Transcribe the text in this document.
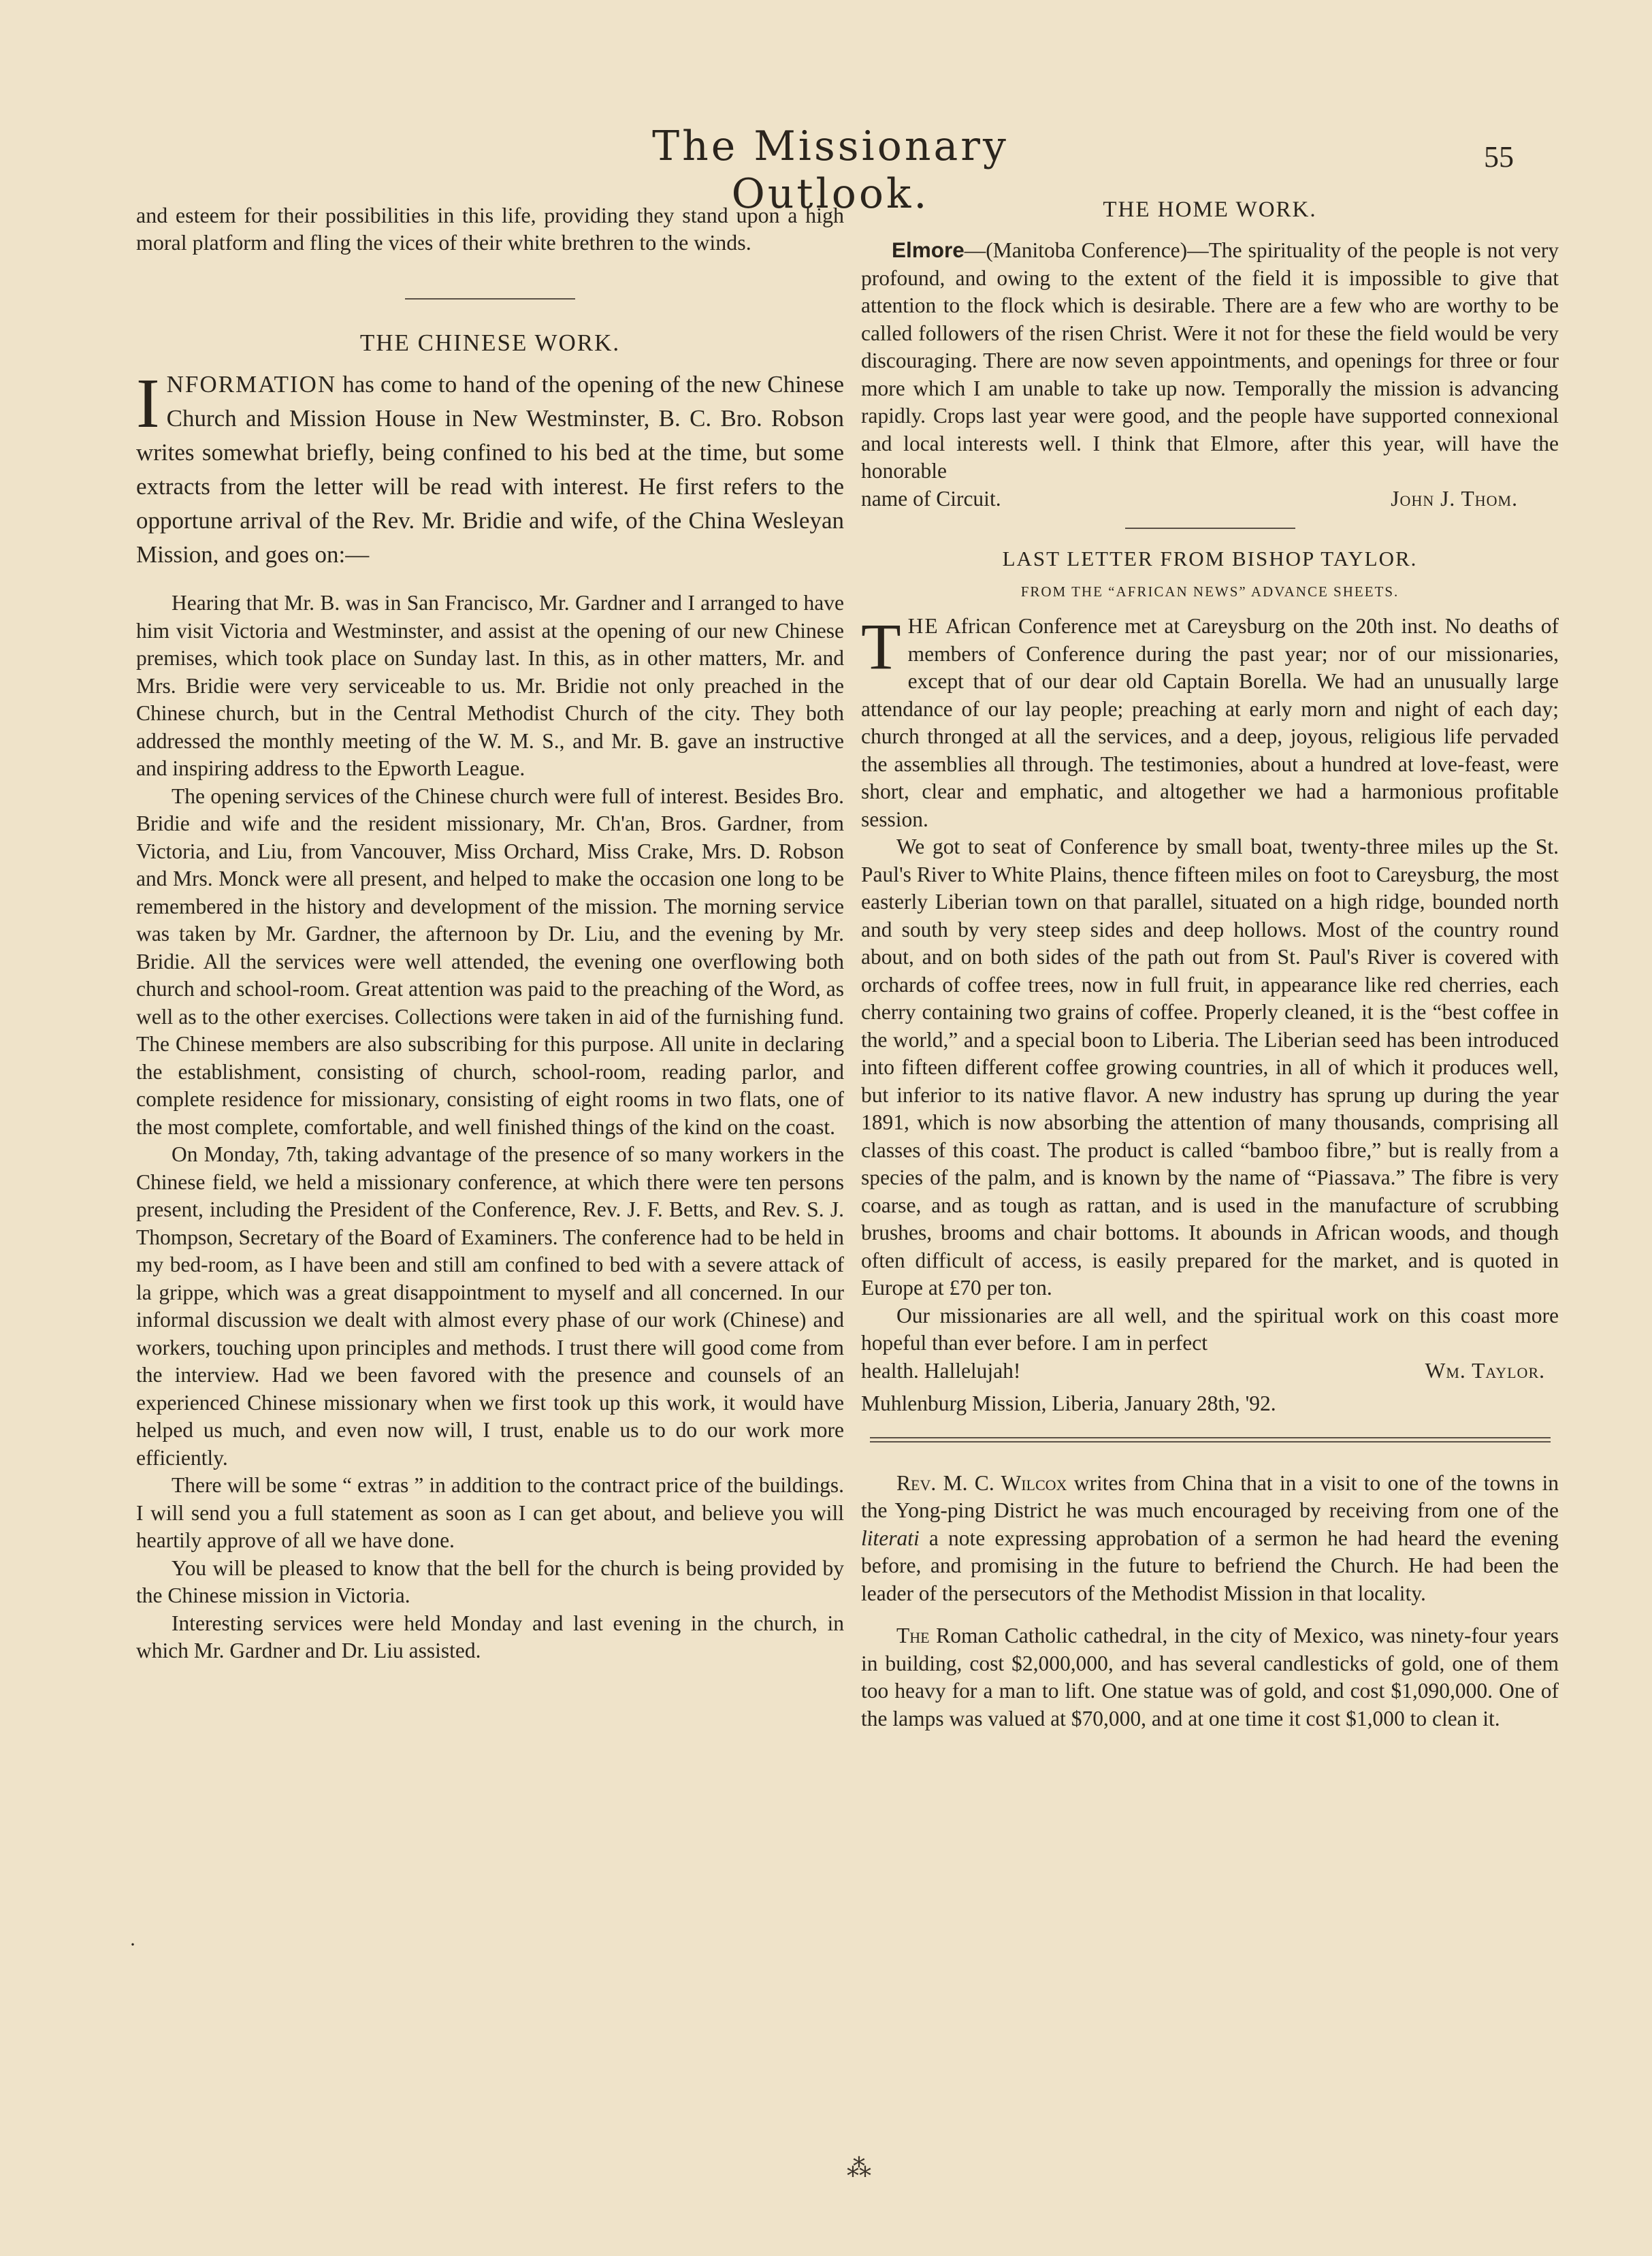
The Missionary Outlook.
55

and esteem for their possibilities in this life, providing they stand upon a high moral platform and fling the vices of their white brethren to the winds.

THE CHINESE WORK.

INFORMATION has come to hand of the opening of the new Chinese Church and Mission House in New Westminster, B. C. Bro. Robson writes somewhat briefly, being confined to his bed at the time, but some extracts from the letter will be read with interest. He first refers to the opportune arrival of the Rev. Mr. Bridie and wife, of the China Wesleyan Mission, and goes on:—

Hearing that Mr. B. was in San Francisco, Mr. Gardner and I arranged to have him visit Victoria and Westminster, and assist at the opening of our new Chinese premises, which took place on Sunday last. In this, as in other matters, Mr. and Mrs. Bridie were very serviceable to us. Mr. Bridie not only preached in the Chinese church, but in the Central Methodist Church of the city. They both addressed the monthly meeting of the W. M. S., and Mr. B. gave an instructive and inspiring address to the Epworth League.

The opening services of the Chinese church were full of interest. Besides Bro. Bridie and wife and the resident missionary, Mr. Ch'an, Bros. Gardner, from Victoria, and Liu, from Vancouver, Miss Orchard, Miss Crake, Mrs. D. Robson and Mrs. Monck were all present, and helped to make the occasion one long to be remembered in the history and development of the mission. The morning service was taken by Mr. Gardner, the afternoon by Dr. Liu, and the evening by Mr. Bridie. All the services were well attended, the evening one overflowing both church and school-room. Great attention was paid to the preaching of the Word, as well as to the other exercises. Collections were taken in aid of the furnishing fund. The Chinese members are also subscribing for this purpose. All unite in declaring the establishment, consisting of church, school-room, reading parlor, and complete residence for missionary, consisting of eight rooms in two flats, one of the most complete, comfortable, and well finished things of the kind on the coast.

On Monday, 7th, taking advantage of the presence of so many workers in the Chinese field, we held a missionary conference, at which there were ten persons present, including the President of the Conference, Rev. J. F. Betts, and Rev. S. J. Thompson, Secretary of the Board of Examiners. The conference had to be held in my bed-room, as I have been and still am confined to bed with a severe attack of la grippe, which was a great disappointment to myself and all concerned. In our informal discussion we dealt with almost every phase of our work (Chinese) and workers, touching upon principles and methods. I trust there will good come from the interview. Had we been favored with the presence and counsels of an experienced Chinese missionary when we first took up this work, it would have helped us much, and even now will, I trust, enable us to do our work more efficiently.

There will be some “ extras ” in addition to the contract price of the buildings. I will send you a full statement as soon as I can get about, and believe you will heartily approve of all we have done.

You will be pleased to know that the bell for the church is being provided by the Chinese mission in Victoria.

Interesting services were held Monday and last evening in the church, in which Mr. Gardner and Dr. Liu assisted.

·
THE HOME WORK.

Elmore—(Manitoba Conference)—The spirituality of the people is not very profound, and owing to the extent of the field it is impossible to give that attention to the flock which is desirable. There are a few who are worthy to be called followers of the risen Christ. Were it not for these the field would be very discouraging. There are now seven appointments, and openings for three or four more which I am unable to take up now. Temporally the mission is advancing rapidly. Crops last year were good, and the people have supported connexional and local interests well. I think that Elmore, after this year, will have the honorable

name of Circuit.	John J. Thom.
LAST LETTER FROM BISHOP TAYLOR.

FROM THE “AFRICAN NEWS” ADVANCE SHEETS.

THE African Conference met at Careysburg on the 20th inst. No deaths of members of Conference during the past year; nor of our missionaries, except that of our dear old Captain Borella. We had an unusually large attendance of our lay people; preaching at early morn and night of each day; church thronged at all the services, and a deep, joyous, religious life pervaded the assemblies all through. The testimonies, about a hundred at love-feast, were short, clear and emphatic, and altogether we had a harmonious profitable session.

We got to seat of Conference by small boat, twenty-three miles up the St. Paul's River to White Plains, thence fifteen miles on foot to Careysburg, the most easterly Liberian town on that parallel, situated on a high ridge, bounded north and south by very steep sides and deep hollows. Most of the country round about, and on both sides of the path out from St. Paul's River is covered with orchards of coffee trees, now in full fruit, in appearance like red cherries, each cherry containing two grains of coffee. Properly cleaned, it is the “best coffee in the world,” and a special boon to Liberia. The Liberian seed has been introduced into fifteen different coffee growing countries, in all of which it produces well, but inferior to its native flavor. A new industry has sprung up during the year 1891, which is now absorbing the attention of many thousands, comprising all classes of this coast. The product is called “bamboo fibre,” but is really from a species of the palm, and is known by the name of “Piassava.” The fibre is very coarse, and as tough as rattan, and is used in the manufacture of scrubbing brushes, brooms and chair bottoms. It abounds in African woods, and though often difficult of access, is easily prepared for the market, and is quoted in Europe at £70 per ton.

Our missionaries are all well, and the spiritual work on this coast more hopeful than ever before. I am in perfect

health. Hallelujah!	Wm. Taylor.

Muhlenburg Mission, Liberia, January 28th, '92.

Rev. M. C. Wilcox writes from China that in a visit to one of the towns in the Yong-ping District he was much encouraged by receiving from one of the literati a note expressing approbation of a sermon he had heard the evening before, and promising in the future to befriend the Church. He had been the leader of the persecutors of the Methodist Mission in that locality.

The Roman Catholic cathedral, in the city of Mexico, was ninety-four years in building, cost $2,000,000, and has several candlesticks of gold, one of them too heavy for a man to lift. One statue was of gold, and cost $1,090,000. One of the lamps was valued at $70,000, and at one time it cost $1,000 to clean it.

⁂
